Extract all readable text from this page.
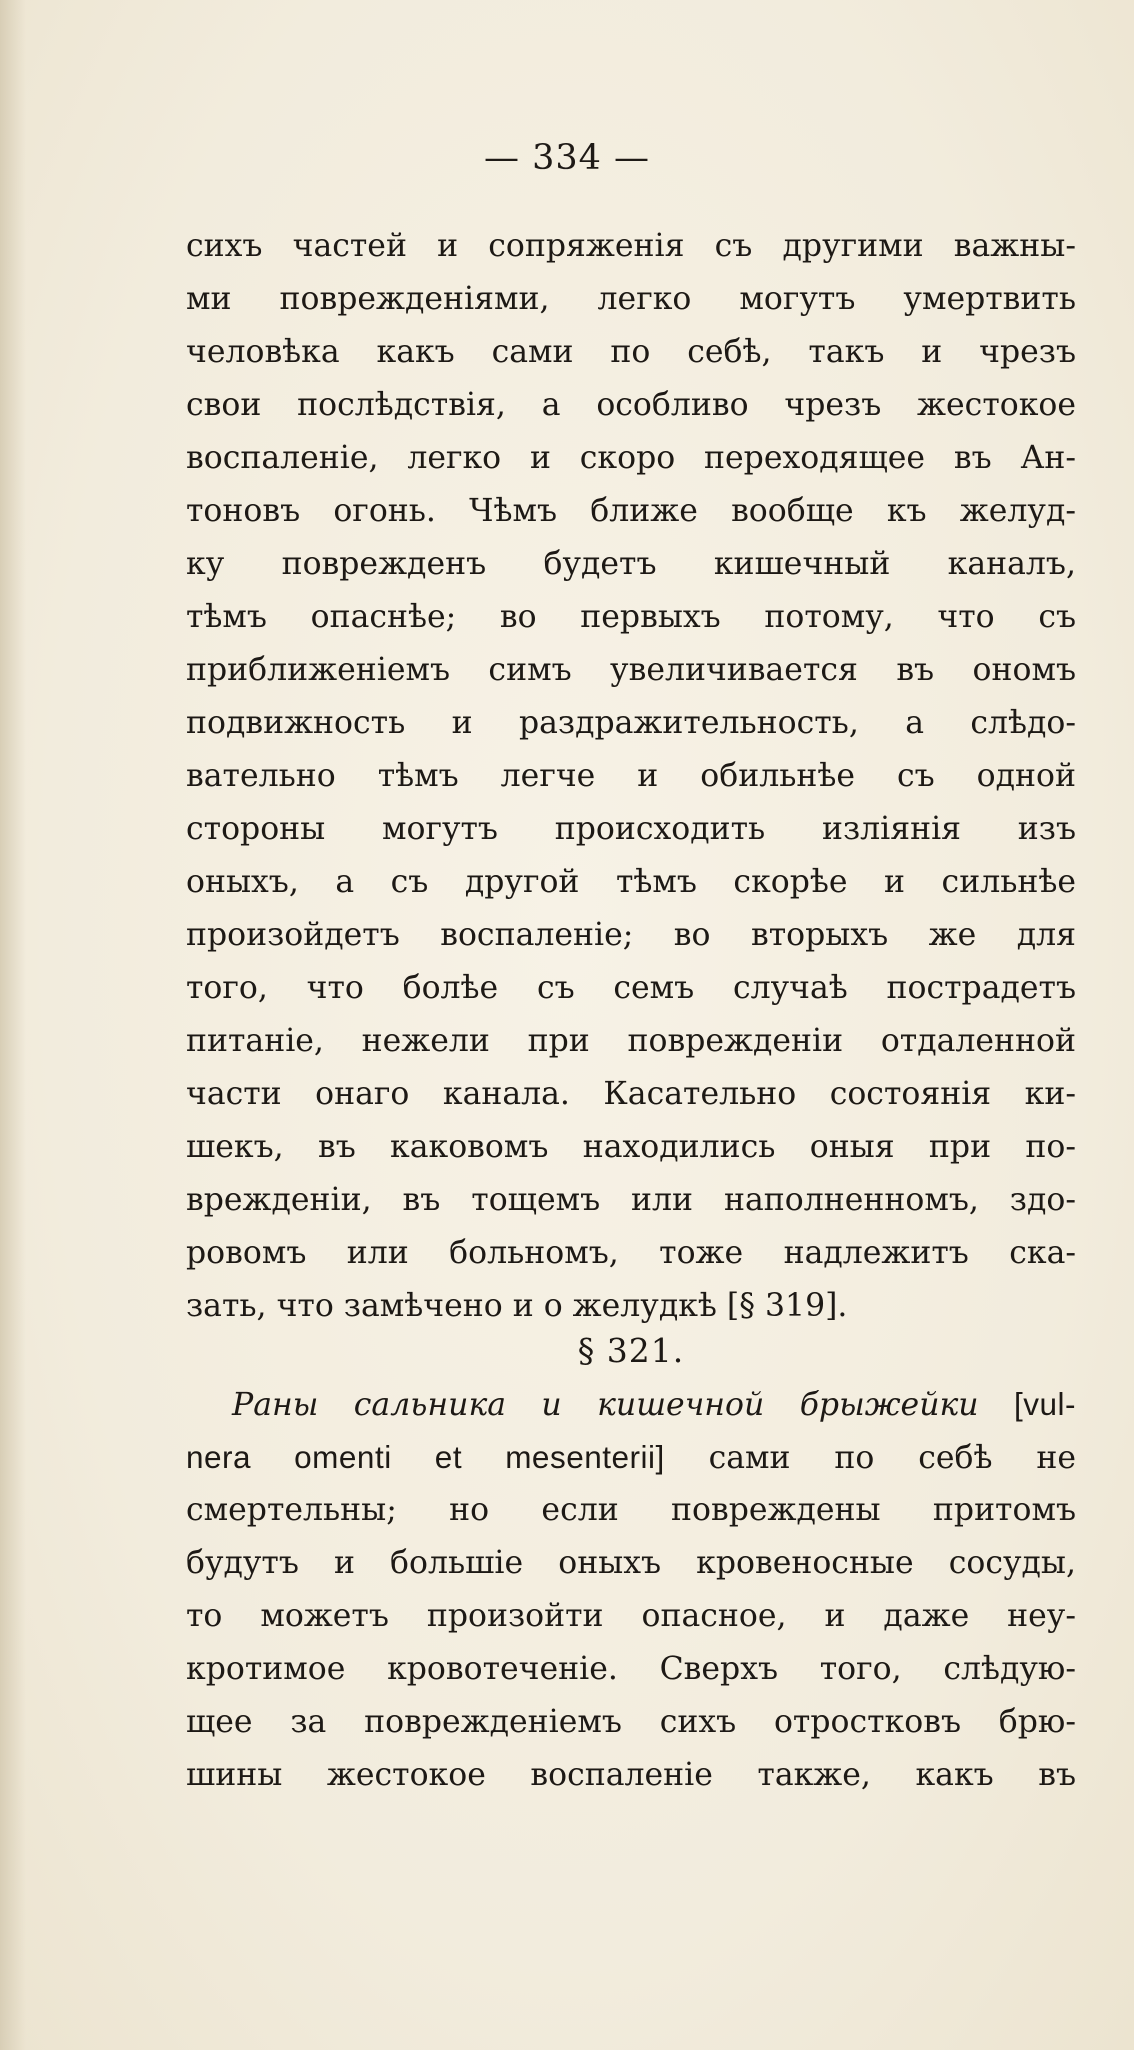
— 334 —
сихъ частей и сопряженія съ другими важны-
ми поврежденіями, легко могутъ умертвить
человѣка какъ сами по себѣ, такъ и чрезъ
свои послѣдствія, а особливо чрезъ жестокое
воспаленіе, легко и скоро переходящее въ Ан-
тоновъ огонь. Чѣмъ ближе вообще къ желуд-
ку поврежденъ будетъ кишечный каналъ,
тѣмъ опаснѣе; во первыхъ потому, что съ
приближеніемъ симъ увеличивается въ ономъ
подвижность и раздражительность, а слѣдо-
вательно тѣмъ легче и обильнѣе съ одной
стороны могутъ происходить изліянія изъ
оныхъ, а съ другой тѣмъ скорѣе и сильнѣе
произойдетъ воспаленіе; во вторыхъ же для
того, что болѣе съ семъ случаѣ пострадетъ
питаніе, нежели при поврежденіи отдаленной
части онаго канала. Касательно состоянія ки-
шекъ, въ каковомъ находились оныя при по-
врежденіи, въ тощемъ или наполненномъ, здо-
ровомъ или больномъ, тоже надлежитъ ска-
зать, что замѣчено и о желудкѣ [§ 319].
§ 321.
Раны сальника и кишечной брыжейки [vul-
nera omenti et mesenterii] сами по себѣ не
смертельны; но если повреждены притомъ
будутъ и большіе оныхъ кровеносные сосуды,
то можетъ произойти опасное, и даже неу-
кротимое кровотеченіе. Сверхъ того, слѣдую-
щее за поврежденіемъ сихъ отростковъ брю-
шины жестокое воспаленіе также, какъ въ
